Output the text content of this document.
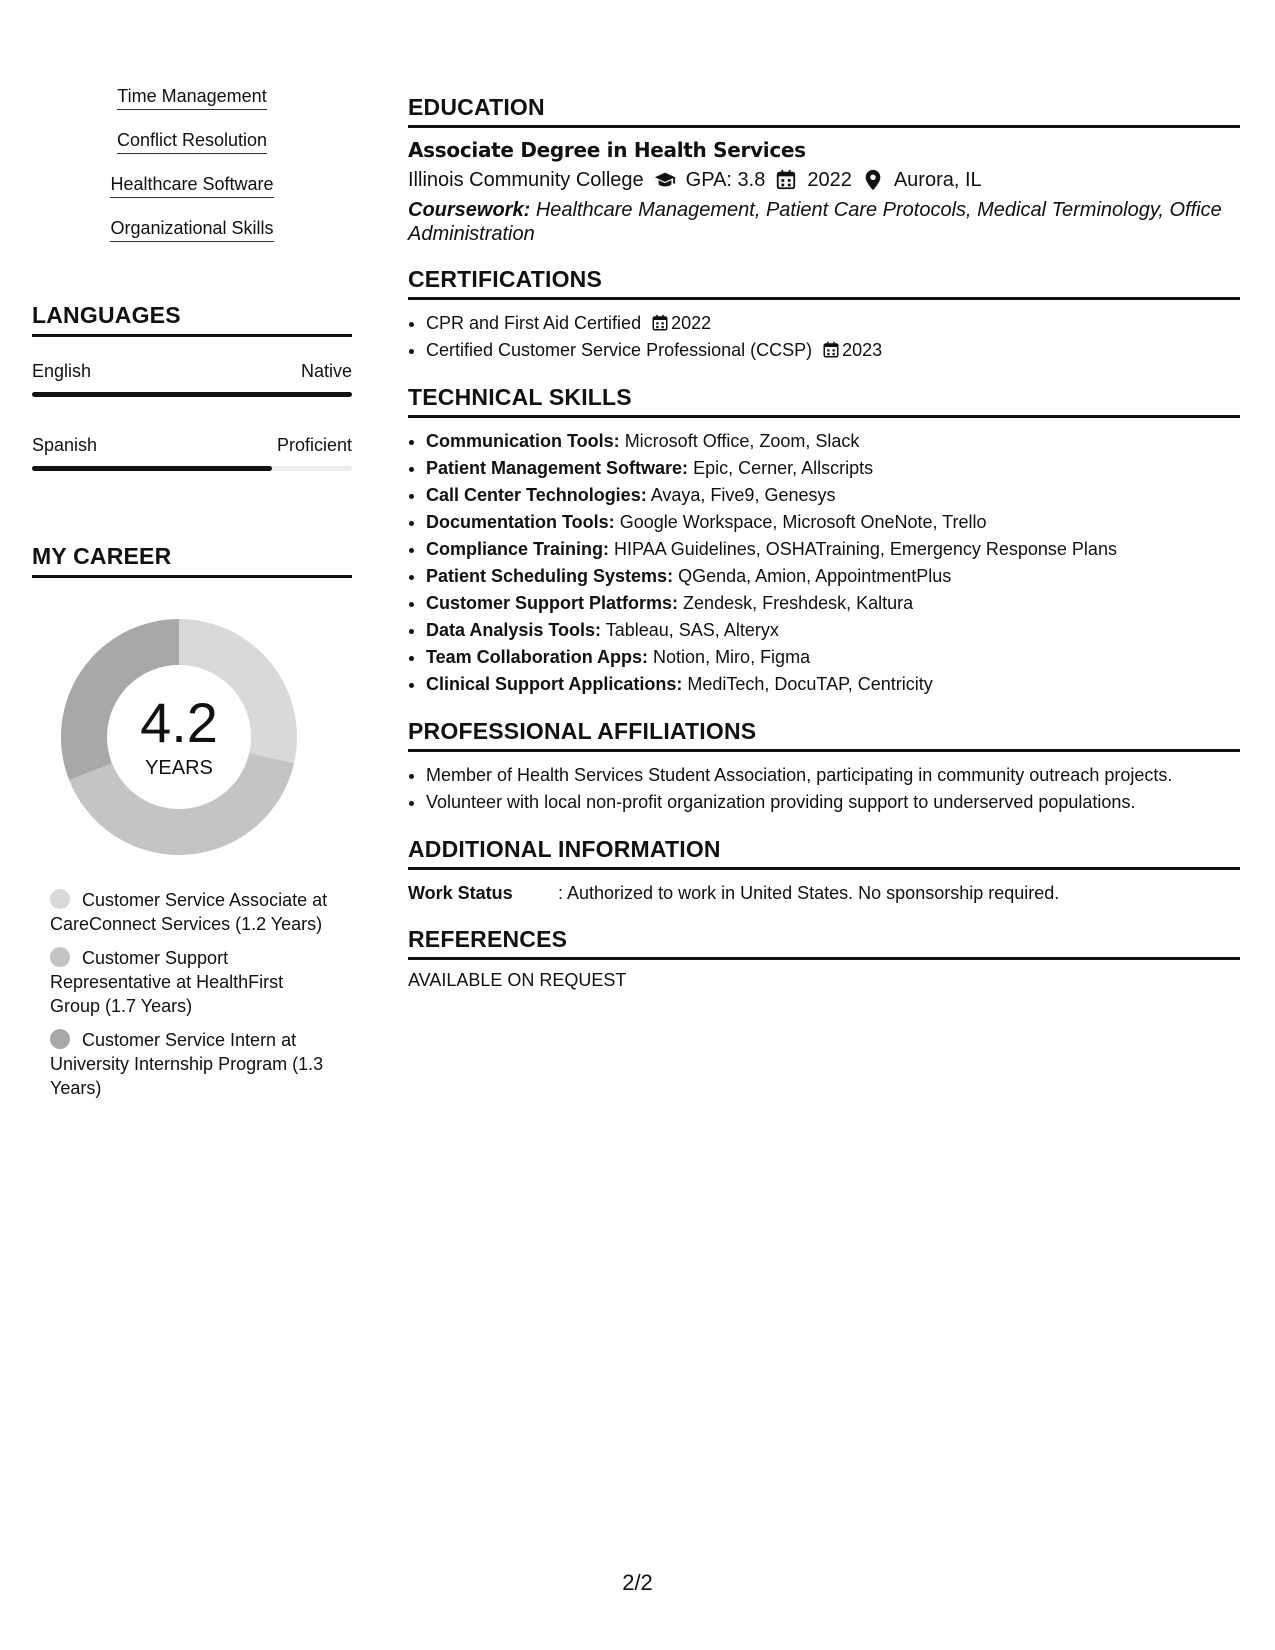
Time Management
Conflict Resolution
Healthcare Software
Organizational Skills
LANGUAGES
English	Native
Spanish	Proficient
MY CAREER
4.2
YEARS
Customer Service Associate at CareConnect Services (1.2 Years)
Customer Support Representative at HealthFirst Group (1.7 Years)
Customer Service Intern at University Internship Program (1.3 Years)
EDUCATION
Associate Degree in Health Services
Illinois Community College GPA: 3.8 2022 Aurora, IL
Coursework: Healthcare Management, Patient Care Protocols, Medical Terminology, Office Administration
CERTIFICATIONS
• CPR and First Aid Certified 2022
• Certified Customer Service Professional (CCSP) 2023
TECHNICAL SKILLS
• Communication Tools: Microsoft Office, Zoom, Slack
• Patient Management Software: Epic, Cerner, Allscripts
• Call Center Technologies: Avaya, Five9, Genesys
• Documentation Tools: Google Workspace, Microsoft OneNote, Trello
• Compliance Training: HIPAA Guidelines, OSHATraining, Emergency Response Plans
• Patient Scheduling Systems: QGenda, Amion, AppointmentPlus
• Customer Support Platforms: Zendesk, Freshdesk, Kaltura
• Data Analysis Tools: Tableau, SAS, Alteryx
• Team Collaboration Apps: Notion, Miro, Figma
• Clinical Support Applications: MediTech, DocuTAP, Centricity
PROFESSIONAL AFFILIATIONS
• Member of Health Services Student Association, participating in community outreach projects.
• Volunteer with local non-profit organization providing support to underserved populations.
ADDITIONAL INFORMATION
Work Status	: Authorized to work in United States. No sponsorship required.
REFERENCES
AVAILABLE ON REQUEST
2/2
